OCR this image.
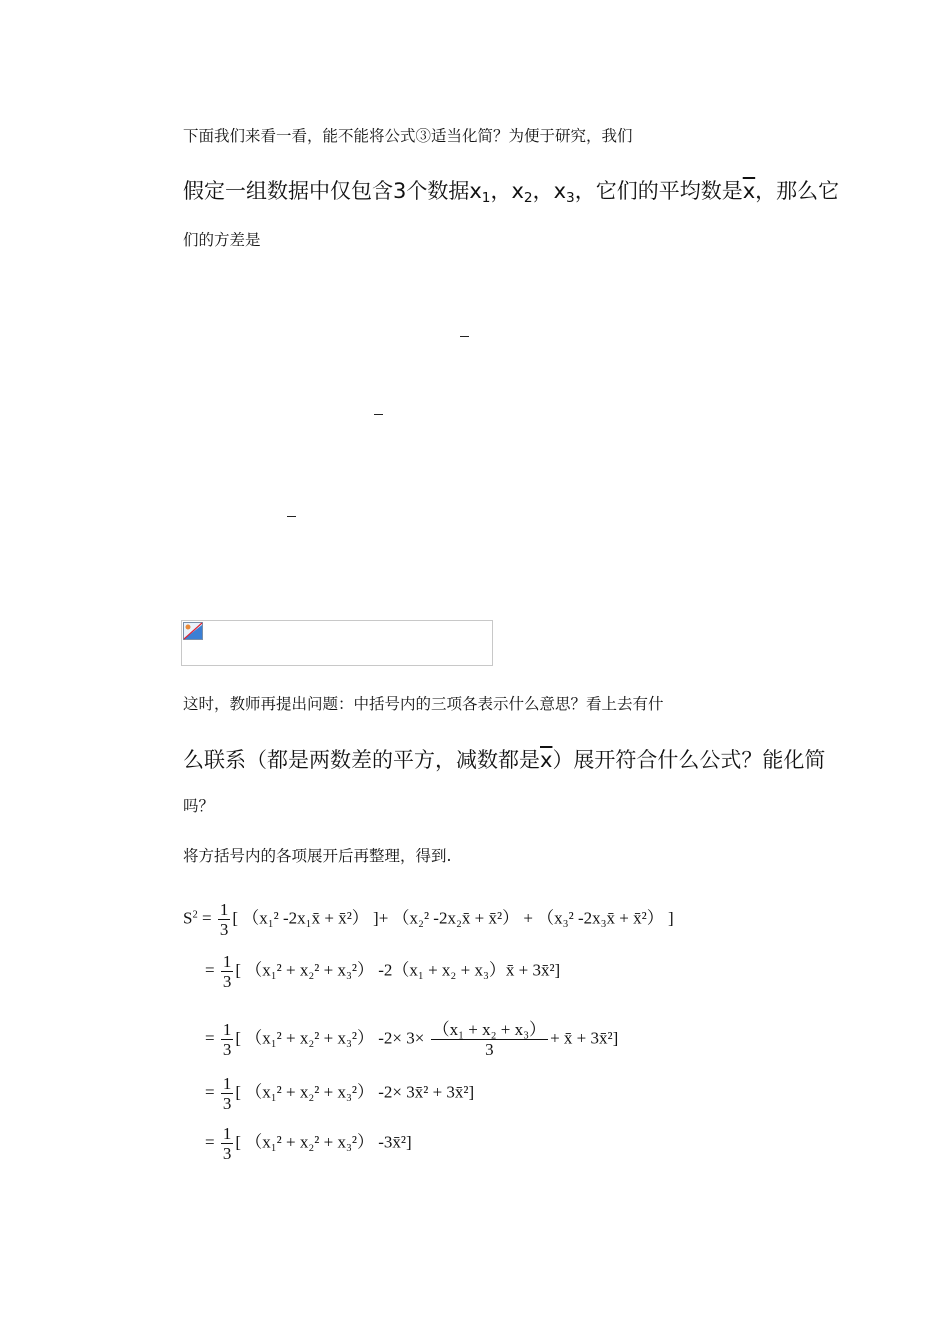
下面我们来看一看，能不能将公式③适当化简？为便于研究，我们
假定一组数据中仅包含3个数据$x_1$，$x_2$，$x_3$，它们的平均数是$\overline{x}$，那么它
们的方差是
这时，教师再提出问题：中括号内的三项各表示什么意思？看上去有什
么联系（都是两数差的平方，减数都是$\overline{x}$）展开符合什么公式？能化简
吗？
将方括号内的各项展开后再整理，得到.
$S^2 = \frac{1}{3}$ [ （x₁² -2x₁x̄ + x̄²） ]+ （x₂² -2x₂x̄ + x̄²） + （x₃² -2x₃x̄ + x̄²） ]
= $\frac{1}{3}$ [ （x₁² + x₂² + x₃²） -2（x₁ + x₂ + x₃）x̄ + 3x̄²]
= $\frac{1}{3}$ [ （x₁² + x₂² + x₃²） $-2\times 3\times \frac{\text{（x₁ + x₂ + x₃）}}{3}$ + x̄ + 3x̄²]
= $\frac{1}{3}$ [ （x₁² + x₂² + x₃²） -2× 3x̄² + 3x̄²]
= $\frac{1}{3}$ [ （x₁² + x₂² + x₃²） -3x̄²]
